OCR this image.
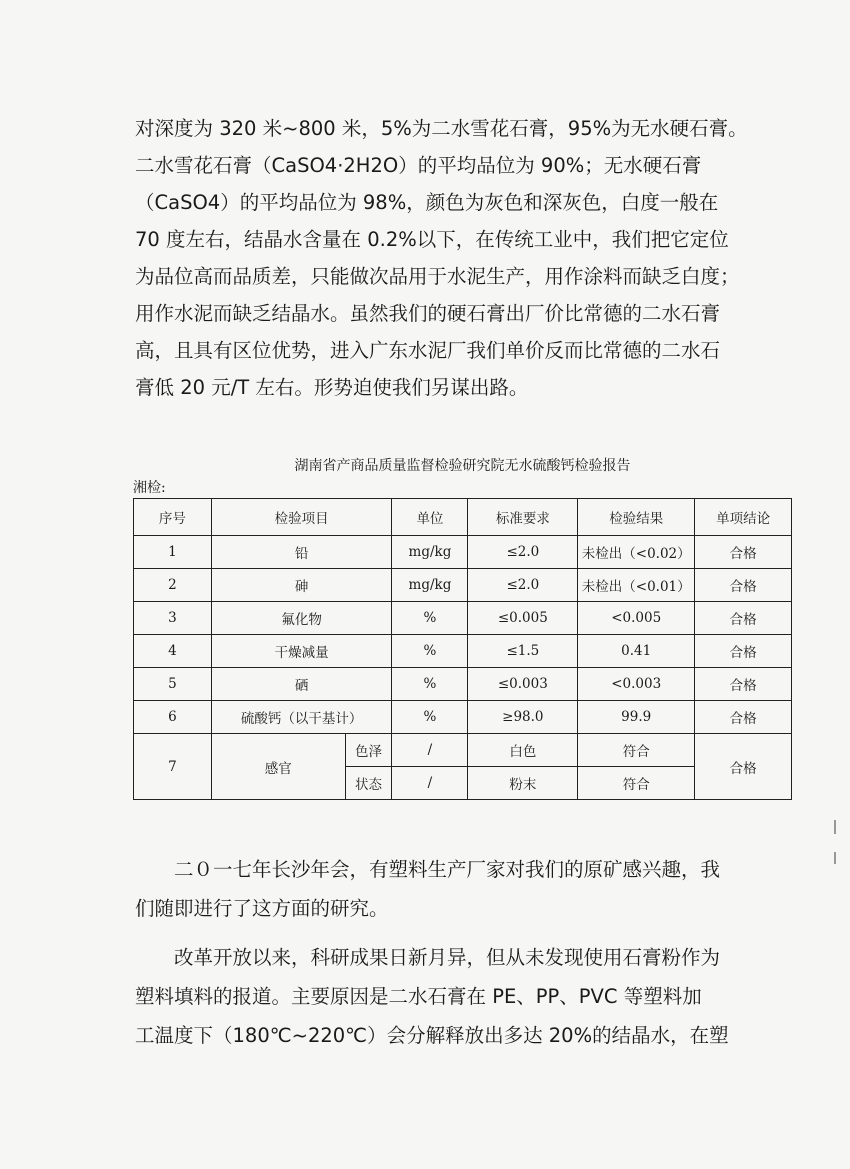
对深度为 320 米~800 米，5%为二水雪花石膏，95%为无水硬石膏。
二水雪花石膏（CaSO4·2H2O）的平均品位为 90%；无水硬石膏
（CaSO4）的平均品位为 98%，颜色为灰色和深灰色，白度一般在
70 度左右，结晶水含量在 0.2%以下，在传统工业中，我们把它定位
为品位高而品质差，只能做次品用于水泥生产，用作涂料而缺乏白度；
用作水泥而缺乏结晶水。虽然我们的硬石膏出厂价比常德的二水石膏
高，且具有区位优势，进入广东水泥厂我们单价反而比常德的二水石
膏低 20 元/T 左右。形势迫使我们另谋出路。
湖南省产商品质量监督检验研究院无水硫酸钙检验报告
湘检:
序号	检验项目		单位	标准要求	检验结果	单项结论
1	铅		mg/kg	≤2.0	未检出（<0.02）	合格
2	砷		mg/kg	≤2.0	未检出（<0.01）	合格
3	氟化物		%	≤0.005	<0.005	合格
4	干燥减量		%	≤1.5	0.41	合格
5	硒		%	≤0.003	<0.003	合格
6	硫酸钙（以干基计）		%	≥98.0	99.9	合格
7	感官	色泽	/	白色	符合	合格
		状态	/	粉末	符合	
二０一七年长沙年会，有塑料生产厂家对我们的原矿感兴趣，我
们随即进行了这方面的研究。
改革开放以来，科研成果日新月异，但从未发现使用石膏粉作为
塑料填料的报道。主要原因是二水石膏在 PE、PP、PVC 等塑料加
工温度下（180℃~220℃）会分解释放出多达 20%的结晶水，在塑
